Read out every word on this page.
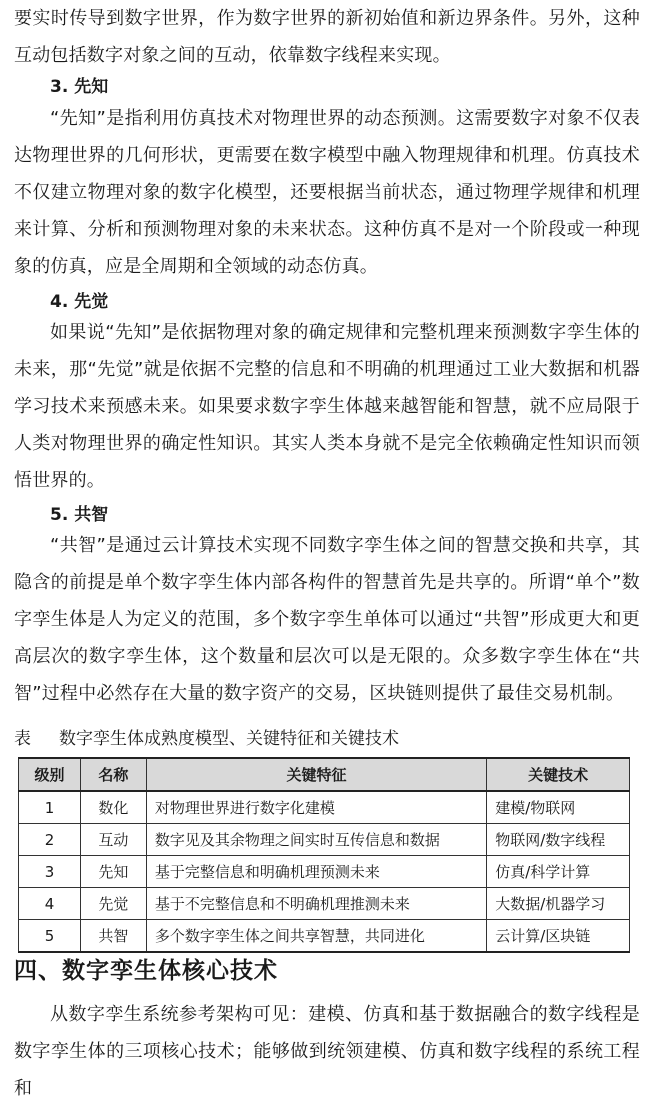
要实时传导到数字世界，作为数字世界的新初始值和新边界条件。另外，这种互动包括数字对象之间的互动，依靠数字线程来实现。

3. 先知

“先知”是指利用仿真技术对物理世界的动态预测。这需要数字对象不仅表达物理世界的几何形状，更需要在数字模型中融入物理规律和机理。仿真技术不仅建立物理对象的数字化模型，还要根据当前状态，通过物理学规律和机理来计算、分析和预测物理对象的未来状态。这种仿真不是对一个阶段或一种现象的仿真，应是全周期和全领域的动态仿真。

4. 先觉

如果说“先知”是依据物理对象的确定规律和完整机理来预测数字孪生体的未来，那“先觉”就是依据不完整的信息和不明确的机理通过工业大数据和机器学习技术来预感未来。如果要求数字孪生体越来越智能和智慧，就不应局限于人类对物理世界的确定性知识。其实人类本身就不是完全依赖确定性知识而领悟世界的。

5. 共智

“共智”是通过云计算技术实现不同数字孪生体之间的智慧交换和共享，其隐含的前提是单个数字孪生体内部各构件的智慧首先是共享的。所谓“单个”数字孪生体是人为定义的范围，多个数字孪生单体可以通过“共智”形成更大和更高层次的数字孪生体，这个数量和层次可以是无限的。众多数字孪生体在“共智”过程中必然存在大量的数字资产的交易，区块链则提供了最佳交易机制。

表 数字孪生体成熟度模型、关键特征和关键技术

级别	名称	关键特征	关键技术
1	数化	对物理世界进行数字化建模	建模/物联网
2	互动	数字见及其余物理之间实时互传信息和数据	物联网/数字线程
3	先知	基于完整信息和明确机理预测未来	仿真/科学计算
4	先觉	基于不完整信息和不明确机理推测未来	大数据/机器学习
5	共智	多个数字孪生体之间共享智慧，共同进化	云计算/区块链
四、数字孪生体核心技术

从数字孪生系统参考架构可见：建模、仿真和基于数据融合的数字线程是数字孪生体的三项核心技术；能够做到统领建模、仿真和数字线程的系统工程和
